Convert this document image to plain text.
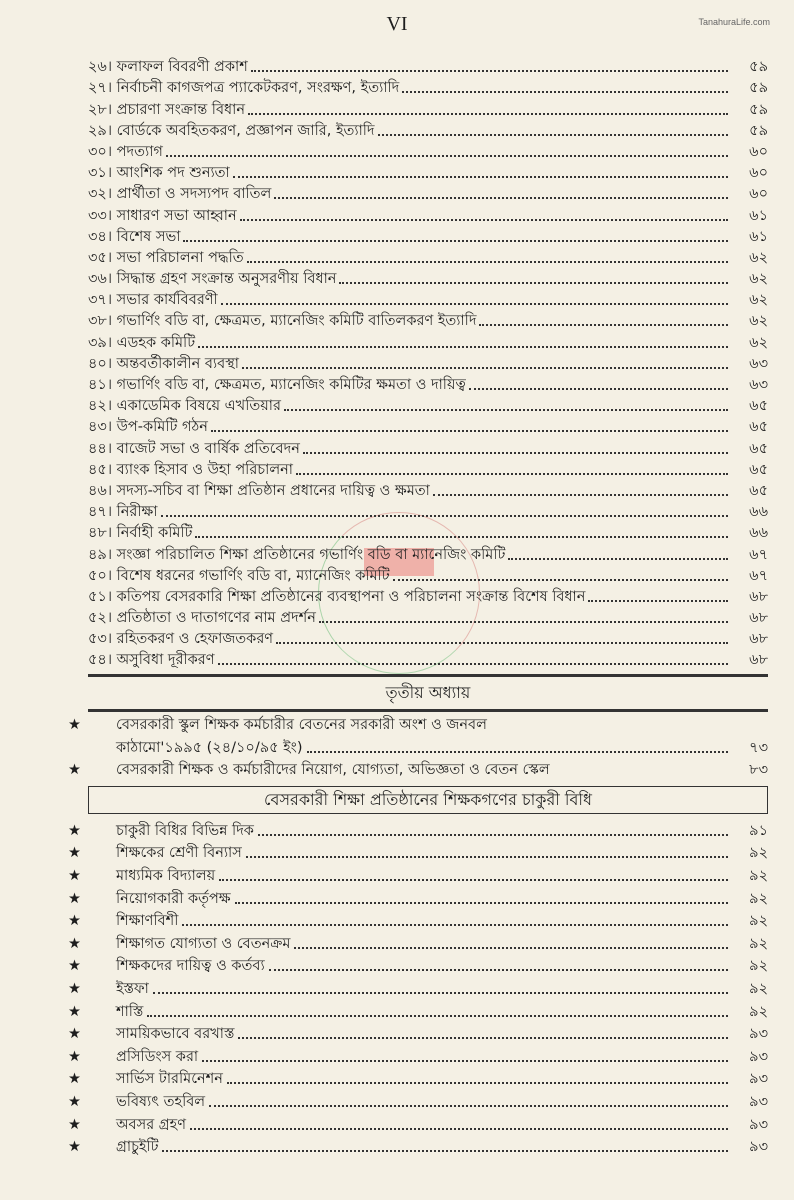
VI	TanahuraLife.com
২৬। ফলাফল বিবরণী প্রকাশ	৫৯
২৭। নির্বাচনী কাগজপত্র প্যাকেটকরণ, সংরক্ষণ, ইত্যাদি	৫৯
২৮। প্রচারণা সংক্রান্ত বিধান	৫৯
২৯। বোর্ডকে অবহিতকরণ, প্রজ্ঞাপন জারি, ইত্যাদি	৫৯
৩০। পদত্যাগ	৬০
৩১। আংশিক পদ শুন্যতা	৬০
৩২। প্রার্থীতা ও সদস্যপদ বাতিল	৬০
৩৩। সাধারণ সভা আহ্বান	৬১
৩৪। বিশেষ সভা	৬১
৩৫। সভা পরিচালনা পদ্ধতি	৬২
৩৬। সিদ্ধান্ত গ্রহণ সংক্রান্ত অনুসরণীয় বিধান	৬২
৩৭। সভার কার্যবিবরণী	৬২
৩৮। গভার্ণিং বডি বা, ক্ষেত্রমত, ম্যানেজিং কমিটি বাতিলকরণ ইত্যাদি	৬২
৩৯। এডহক কমিটি	৬২
৪০। অন্তবর্তীকালীন ব্যবস্থা	৬৩
৪১। গভার্ণিং বডি বা, ক্ষেত্রমত, ম্যানেজিং কমিটির ক্ষমতা ও দায়িত্ব	৬৩
৪২। একাডেমিক বিষয়ে এখতিয়ার	৬৫
৪৩। উপ-কমিটি গঠন	৬৫
৪৪। বাজেট সভা ও বার্ষিক প্রতিবেদন	৬৫
৪৫। ব্যাংক হিসাব ও উহা পরিচালনা	৬৫
৪৬। সদস্য-সচিব বা শিক্ষা প্রতিষ্ঠান প্রধানের দায়িত্ব ও ক্ষমতা	৬৫
৪৭। নিরীক্ষা	৬৬
৪৮। নির্বাহী কমিটি	৬৬
৪৯। সংজ্ঞা পরিচালিত শিক্ষা প্রতিষ্ঠানের গভার্ণিং বডি বা ম্যানেজিং কমিটি	৬৭
৫০। বিশেষ ধরনের গভার্ণিং বডি বা, ম্যানেজিং কমিটি	৬৭
৫১। কতিপয় বেসরকারি শিক্ষা প্রতিষ্ঠানের ব্যবস্থাপনা ও পরিচালনা সংক্রান্ত বিশেষ বিধান	৬৮
৫২। প্রতিষ্ঠাতা ও দাতাগণের নাম প্রদর্শন	৬৮
৫৩। রহিতকরণ ও হেফাজতকরণ	৬৮
৫৪। অসুবিধা দূরীকরণ	৬৮
তৃতীয় অধ্যায়
★	বেসরকারী স্কুল শিক্ষক কর্মচারীর বেতনের সরকারী অংশ ও জনবল
কাঠামো'১৯৯৫ (২৪/১০/৯৫ ইং)	৭৩
★	বেসরকারী শিক্ষক ও কর্মচারীদের নিয়োগ, যোগ্যতা, অভিজ্ঞতা ও বেতন স্কেল	৮৩
বেসরকারী শিক্ষা প্রতিষ্ঠানের শিক্ষকগণের চাকুরী বিধি
★	চাকুরী বিধির বিভিন্ন দিক	৯১
★	শিক্ষকের শ্রেণী বিন্যাস	৯২
★	মাধ্যমিক বিদ্যালয়	৯২
★	নিয়োগকারী কর্তৃপক্ষ	৯২
★	শিক্ষাণবিশী	৯২
★	শিক্ষাগত যোগ্যতা ও বেতনক্রম	৯২
★	শিক্ষকদের দায়িত্ব ও কর্তব্য	৯২
★	ইস্তফা	৯২
★	শাস্তি	৯২
★	সাময়িকভাবে বরখাস্ত	৯৩
★	প্রসিডিংস করা	৯৩
★	সার্ভিস টারমিনেশন	৯৩
★	ভবিষ্যৎ তহবিল	৯৩
★	অবসর গ্রহণ	৯৩
★	গ্রাচুইটি	৯৩
